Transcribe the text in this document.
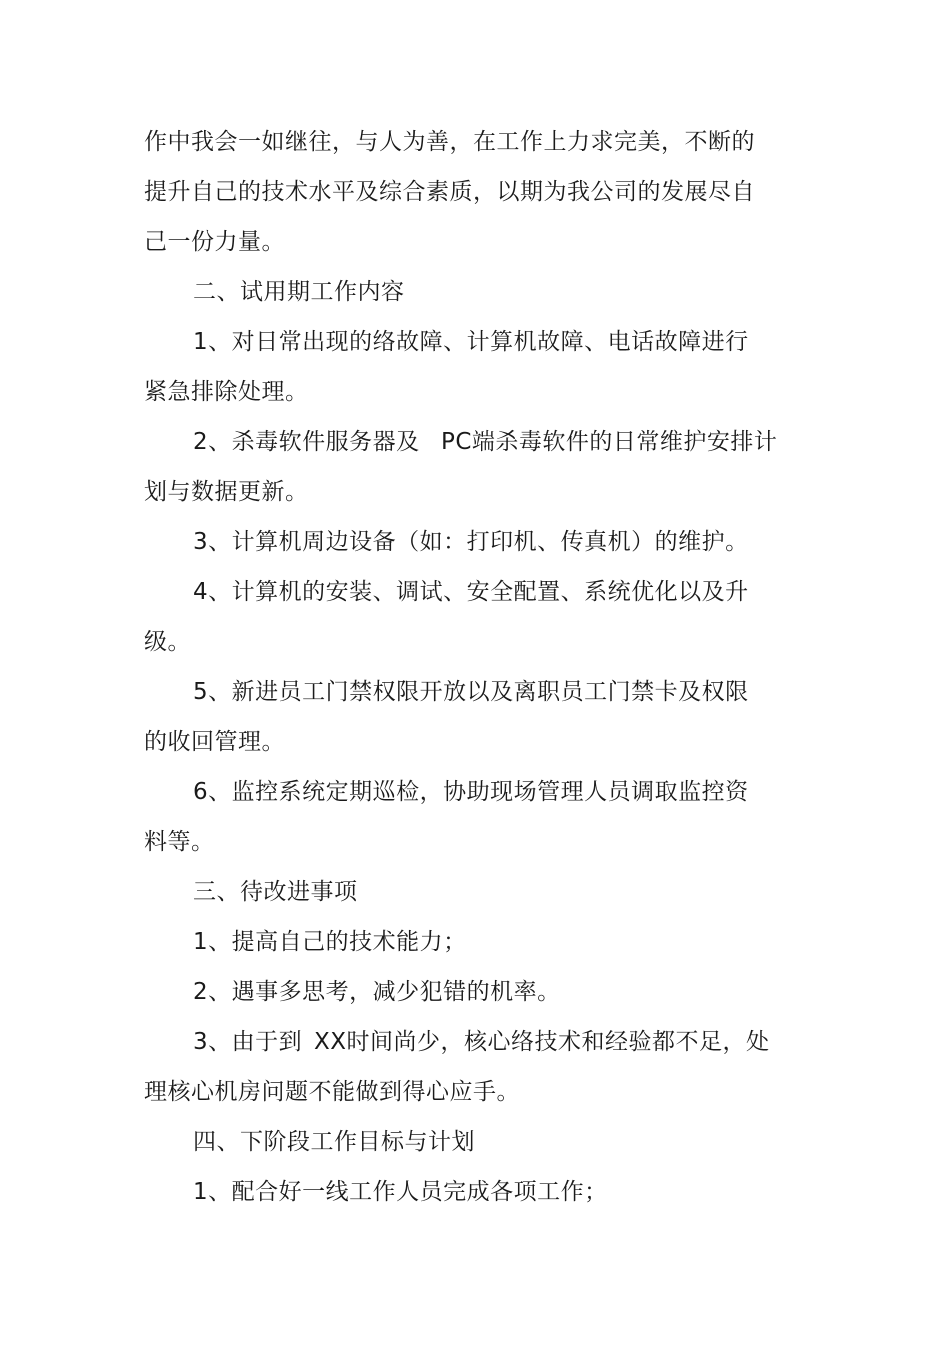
作中我会一如继往，与人为善，在工作上力求完美，不断的
提升自己的技术水平及综合素质，以期为我公司的发展尽自
己一份力量。
二、试用期工作内容
1、对日常出现的络故障、计算机故障、电话故障进行
紧急排除处理。
2、杀毒软件服务器及 PC端杀毒软件的日常维护安排计
划与数据更新。
3、计算机周边设备（如：打印机、传真机）的维护。
4、计算机的安装、调试、安全配置、系统优化以及升
级。
5、新进员工门禁权限开放以及离职员工门禁卡及权限
的收回管理。
6、监控系统定期巡检，协助现场管理人员调取监控资
料等。
三、待改进事项
1、提高自己的技术能力；
2、遇事多思考，减少犯错的机率。
3、由于到 XX时间尚少，核心络技术和经验都不足，处
理核心机房问题不能做到得心应手。
四、下阶段工作目标与计划
1、配合好一线工作人员完成各项工作；
